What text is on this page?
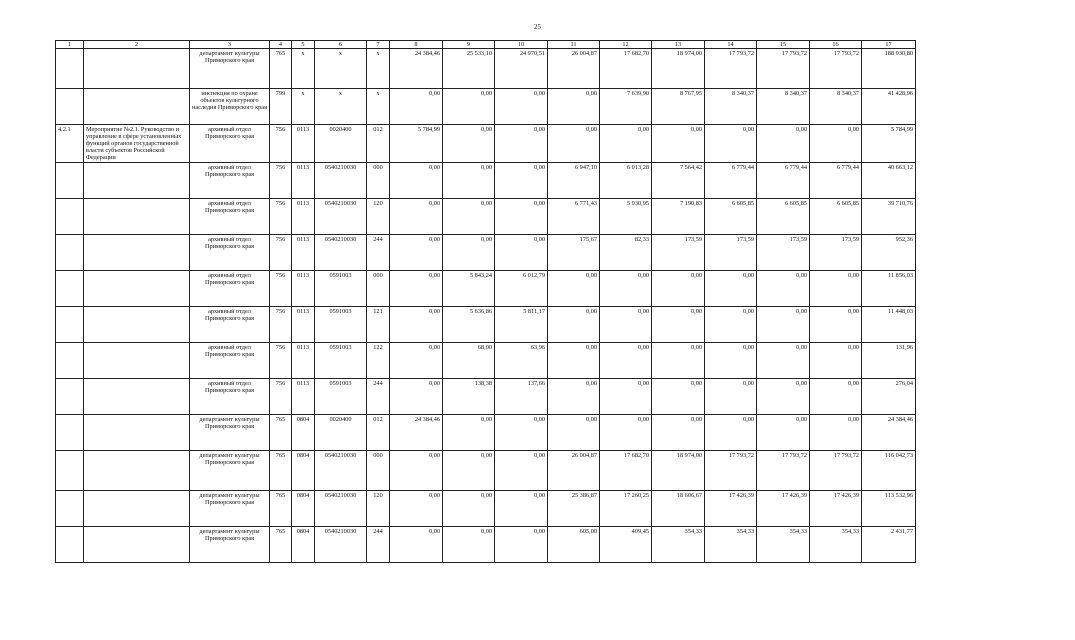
25
1	2	3	4	5	6	7	8	9	10	11	12	13	14	15	16	17
		департамент культуры Приморского края	765	х	х	х	24 384,46	25 533,10	24 970,51	26 004,87	17 682,70	18 974,00	17 793,72	17 793,72	17 793,72	188 930,80
		инспекция по охране объектов культурного наследия Приморского края	799	х	х	х	0,00	0,00	0,00	0,00	7 639,90	8 767,95	8 340,37	8 340,37	8 340,37	41 428,96
4.2.1	Мероприятие №2.1. Руководство и управление в сфере установленных функций органов государственной власти субъектов Российской Федерации	архивный отдел Приморского края	756	0113	0020400	012	5 784,99	0,00	0,00	0,00	0,00	0,00	0,00	0,00	0,00	5 784,99
		архивный отдел Приморского края	756	0113	0540210030	000	0,00	0,00	0,00	6 947,10	6 013,28	7 564,42	6 779,44	6 779,44	6 779,44	40 663,12
		архивный отдел Приморского края	756	0113	0540210030	120	0,00	0,00	0,00	6 771,43	5 930,95	7 190,83	6 605,85	6 605,85	6 605,85	39 710,76
		архивный отдел Приморского края	756	0113	0540210030	244	0,00	0,00	0,00	175,67	82,33	173,59	173,59	173,59	173,59	952,36
		архивный отдел Приморского края	756	0113	0591003	000	0,00	5 843,24	6 012,79	0,00	0,00	0,00	0,00	0,00	0,00	11 856,03
		архивный отдел Приморского края	756	0113	0591003	121	0,00	5 636,86	5 811,17	0,00	0,00	0,00	0,00	0,00	0,00	11 448,03
		архивный отдел Приморского края	756	0113	0591003	122	0,00	68,00	63,96	0,00	0,00	0,00	0,00	0,00	0,00	131,96
		архивный отдел Приморского края	756	0113	0591003	244	0,00	138,38	137,66	0,00	0,00	0,00	0,00	0,00	0,00	276,04
		департамент культуры Приморского края	765	0804	0020400	012	24 384,46	0,00	0,00	0,00	0,00	0,00	0,00	0,00	0,00	24 384,46
		департамент культуры Приморского края	765	0804	0540210030	000	0,00	0,00	0,00	26 004,87	17 682,70	18 974,00	17 793,72	17 793,72	17 793,72	116 042,73
		департамент культуры Приморского края	765	0804	0540210030	120	0,00	0,00	0,00	25 386,87	17 260,25	18 606,67	17 426,39	17 426,39	17 426,39	113 532,96
		департамент культуры Приморского края	765	0804	0540210030	244	0,00	0,00	0,00	605,00	409,45	354,33	354,33	354,33	354,33	2 431,77
